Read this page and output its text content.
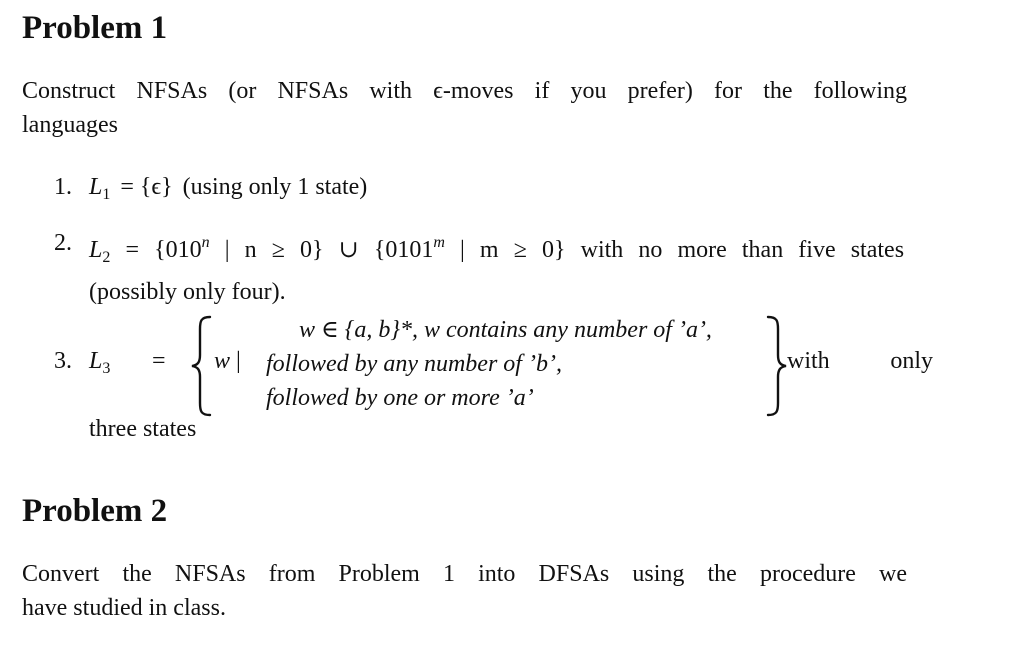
Problem 1
Construct NFSAs (or NFSAs with ϵ-moves if you prefer) for the following
languages
1. $L_1 = \{\epsilon\}$ (using only 1 state)
2. $L_2 = \{010^n$ | n ≥ 0} ∪ {0101$^m$ | m ≥ 0} with no more than five states
(possibly only four).
3. $L_3 = w$ |
w ∈ {a, b}*, w contains any number of ’a’,
followed by any number of ’b’,
followed by one or more ’a’
with only
three states
Problem 2
Convert the NFSAs from Problem 1 into DFSAs using the procedure we
have studied in class.
